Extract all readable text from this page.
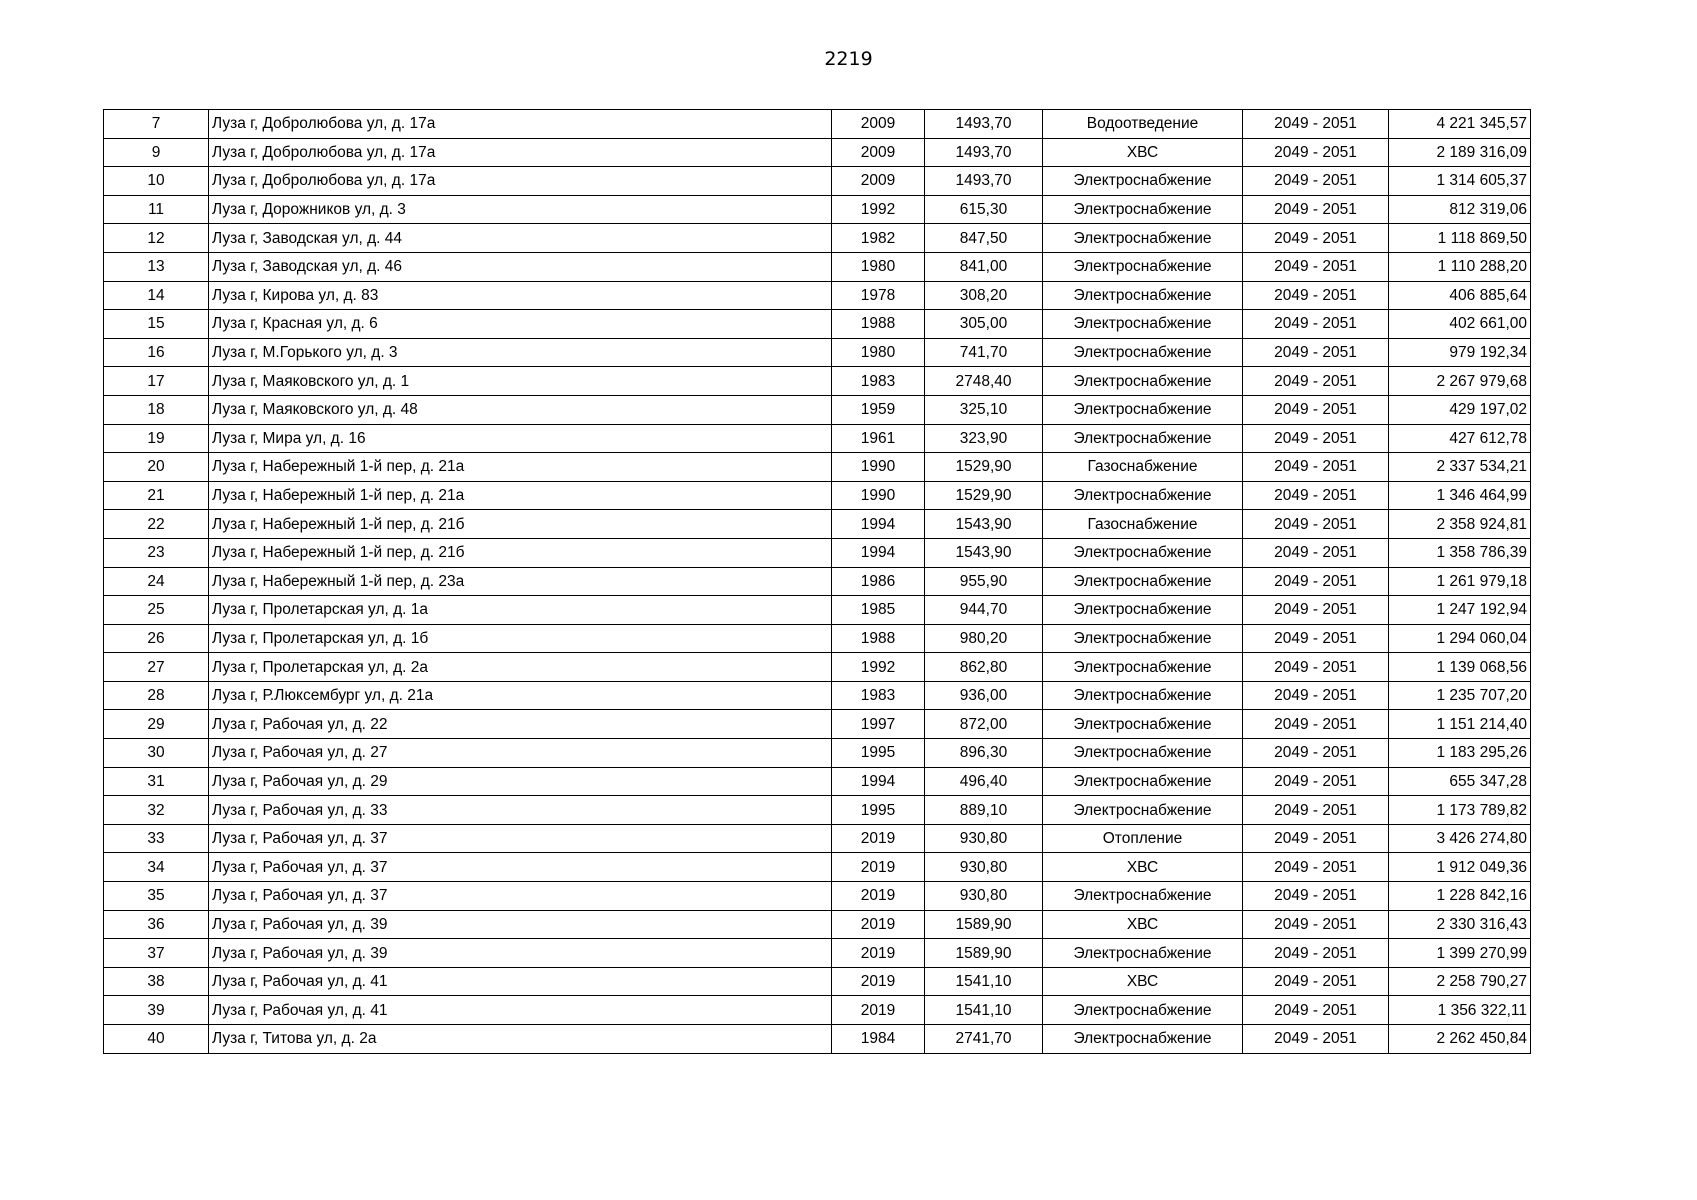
2219
7	Луза г, Добролюбова ул, д. 17а	2009	1493,70	Водоотведение	2049 - 2051	4 221 345,57
9	Луза г, Добролюбова ул, д. 17а	2009	1493,70	ХВС	2049 - 2051	2 189 316,09
10	Луза г, Добролюбова ул, д. 17а	2009	1493,70	Электроснабжение	2049 - 2051	1 314 605,37
11	Луза г, Дорожников ул, д. 3	1992	615,30	Электроснабжение	2049 - 2051	812 319,06
12	Луза г, Заводская ул, д. 44	1982	847,50	Электроснабжение	2049 - 2051	1 118 869,50
13	Луза г, Заводская ул, д. 46	1980	841,00	Электроснабжение	2049 - 2051	1 110 288,20
14	Луза г, Кирова ул, д. 83	1978	308,20	Электроснабжение	2049 - 2051	406 885,64
15	Луза г, Красная ул, д. 6	1988	305,00	Электроснабжение	2049 - 2051	402 661,00
16	Луза г, М.Горького ул, д. 3	1980	741,70	Электроснабжение	2049 - 2051	979 192,34
17	Луза г, Маяковского ул, д. 1	1983	2748,40	Электроснабжение	2049 - 2051	2 267 979,68
18	Луза г, Маяковского ул, д. 48	1959	325,10	Электроснабжение	2049 - 2051	429 197,02
19	Луза г, Мира ул, д. 16	1961	323,90	Электроснабжение	2049 - 2051	427 612,78
20	Луза г, Набережный 1-й пер, д. 21а	1990	1529,90	Газоснабжение	2049 - 2051	2 337 534,21
21	Луза г, Набережный 1-й пер, д. 21а	1990	1529,90	Электроснабжение	2049 - 2051	1 346 464,99
22	Луза г, Набережный 1-й пер, д. 21б	1994	1543,90	Газоснабжение	2049 - 2051	2 358 924,81
23	Луза г, Набережный 1-й пер, д. 21б	1994	1543,90	Электроснабжение	2049 - 2051	1 358 786,39
24	Луза г, Набережный 1-й пер, д. 23а	1986	955,90	Электроснабжение	2049 - 2051	1 261 979,18
25	Луза г, Пролетарская ул, д. 1а	1985	944,70	Электроснабжение	2049 - 2051	1 247 192,94
26	Луза г, Пролетарская ул, д. 1б	1988	980,20	Электроснабжение	2049 - 2051	1 294 060,04
27	Луза г, Пролетарская ул, д. 2а	1992	862,80	Электроснабжение	2049 - 2051	1 139 068,56
28	Луза г, Р.Люксембург ул, д. 21а	1983	936,00	Электроснабжение	2049 - 2051	1 235 707,20
29	Луза г, Рабочая ул, д. 22	1997	872,00	Электроснабжение	2049 - 2051	1 151 214,40
30	Луза г, Рабочая ул, д. 27	1995	896,30	Электроснабжение	2049 - 2051	1 183 295,26
31	Луза г, Рабочая ул, д. 29	1994	496,40	Электроснабжение	2049 - 2051	655 347,28
32	Луза г, Рабочая ул, д. 33	1995	889,10	Электроснабжение	2049 - 2051	1 173 789,82
33	Луза г, Рабочая ул, д. 37	2019	930,80	Отопление	2049 - 2051	3 426 274,80
34	Луза г, Рабочая ул, д. 37	2019	930,80	ХВС	2049 - 2051	1 912 049,36
35	Луза г, Рабочая ул, д. 37	2019	930,80	Электроснабжение	2049 - 2051	1 228 842,16
36	Луза г, Рабочая ул, д. 39	2019	1589,90	ХВС	2049 - 2051	2 330 316,43
37	Луза г, Рабочая ул, д. 39	2019	1589,90	Электроснабжение	2049 - 2051	1 399 270,99
38	Луза г, Рабочая ул, д. 41	2019	1541,10	ХВС	2049 - 2051	2 258 790,27
39	Луза г, Рабочая ул, д. 41	2019	1541,10	Электроснабжение	2049 - 2051	1 356 322,11
40	Луза г, Титова ул, д. 2а	1984	2741,70	Электроснабжение	2049 - 2051	2 262 450,84
